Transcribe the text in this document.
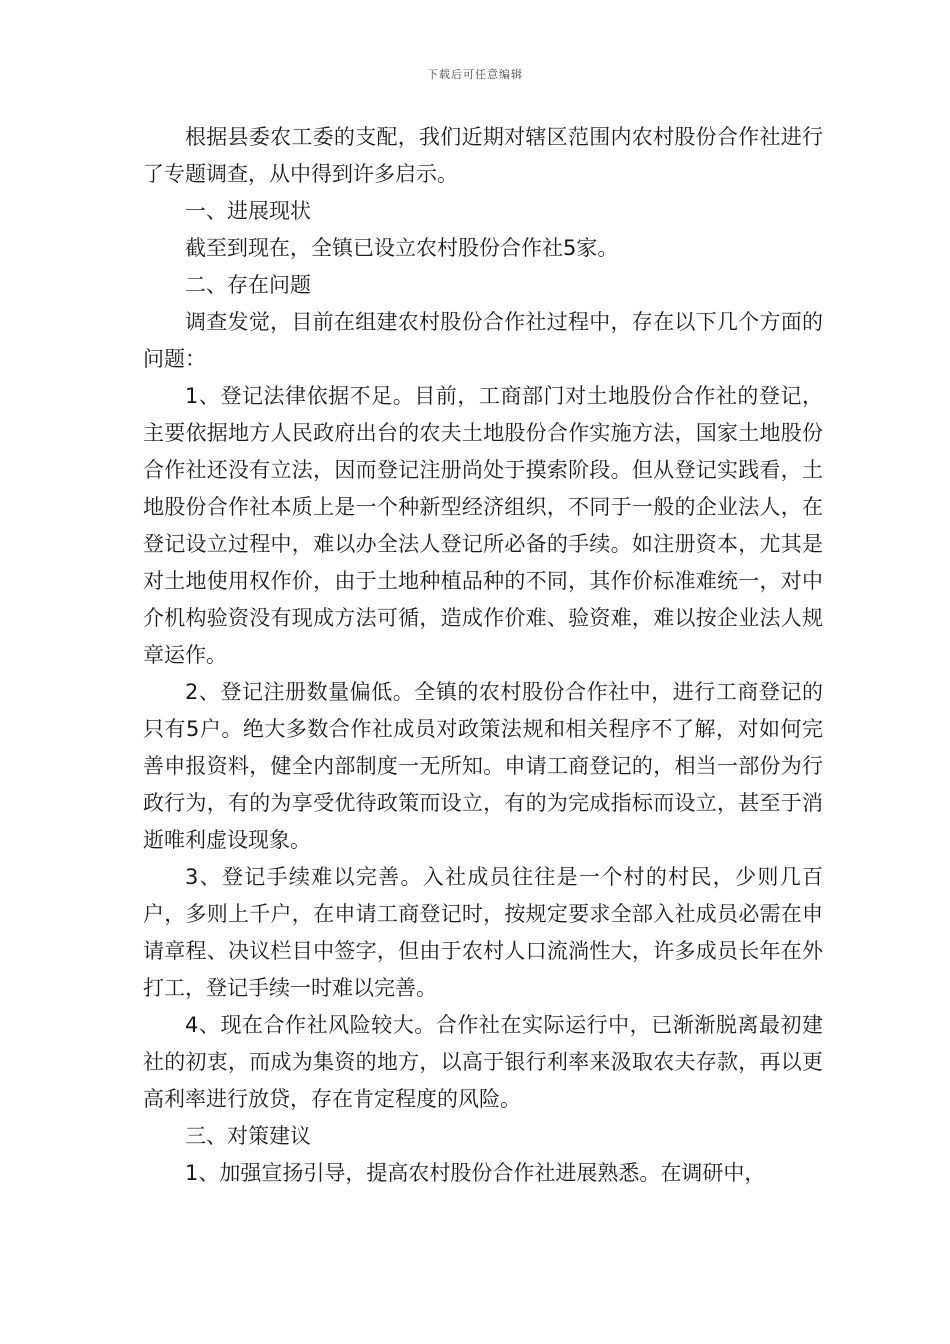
下载后可任意编辑

根据县委农工委的支配，我们近期对辖区范围内农村股份合作社进行了专题调查，从中得到许多启示。

一、进展现状

截至到现在，全镇已设立农村股份合作社5家。

二、存在问题

调查发觉，目前在组建农村股份合作社过程中，存在以下几个方面的问题：

1、登记法律依据不足。目前，工商部门对土地股份合作社的登记，主要依据地方人民政府出台的农夫土地股份合作实施方法，国家土地股份合作社还没有立法，因而登记注册尚处于摸索阶段。但从登记实践看，土地股份合作社本质上是一个种新型经济组织，不同于一般的企业法人，在登记设立过程中，难以办全法人登记所必备的手续。如注册资本，尤其是对土地使用权作价，由于土地种植品种的不同，其作价标准难统一，对中介机构验资没有现成方法可循，造成作价难、验资难，难以按企业法人规章运作。

2、登记注册数量偏低。全镇的农村股份合作社中，进行工商登记的只有5户。绝大多数合作社成员对政策法规和相关程序不了解，对如何完善申报资料，健全内部制度一无所知。申请工商登记的，相当一部份为行政行为，有的为享受优待政策而设立，有的为完成指标而设立，甚至于消逝唯利虚设现象。

3、登记手续难以完善。入社成员往往是一个村的村民，少则几百户，多则上千户，在申请工商登记时，按规定要求全部入社成员必需在申请章程、决议栏目中签字，但由于农村人口流淌性大，许多成员长年在外打工，登记手续一时难以完善。

4、现在合作社风险较大。合作社在实际运行中，已渐渐脱离最初建社的初衷，而成为集资的地方，以高于银行利率来汲取农夫存款，再以更高利率进行放贷，存在肯定程度的风险。

三、对策建议

1、加强宣扬引导，提高农村股份合作社进展熟悉。在调研中，
